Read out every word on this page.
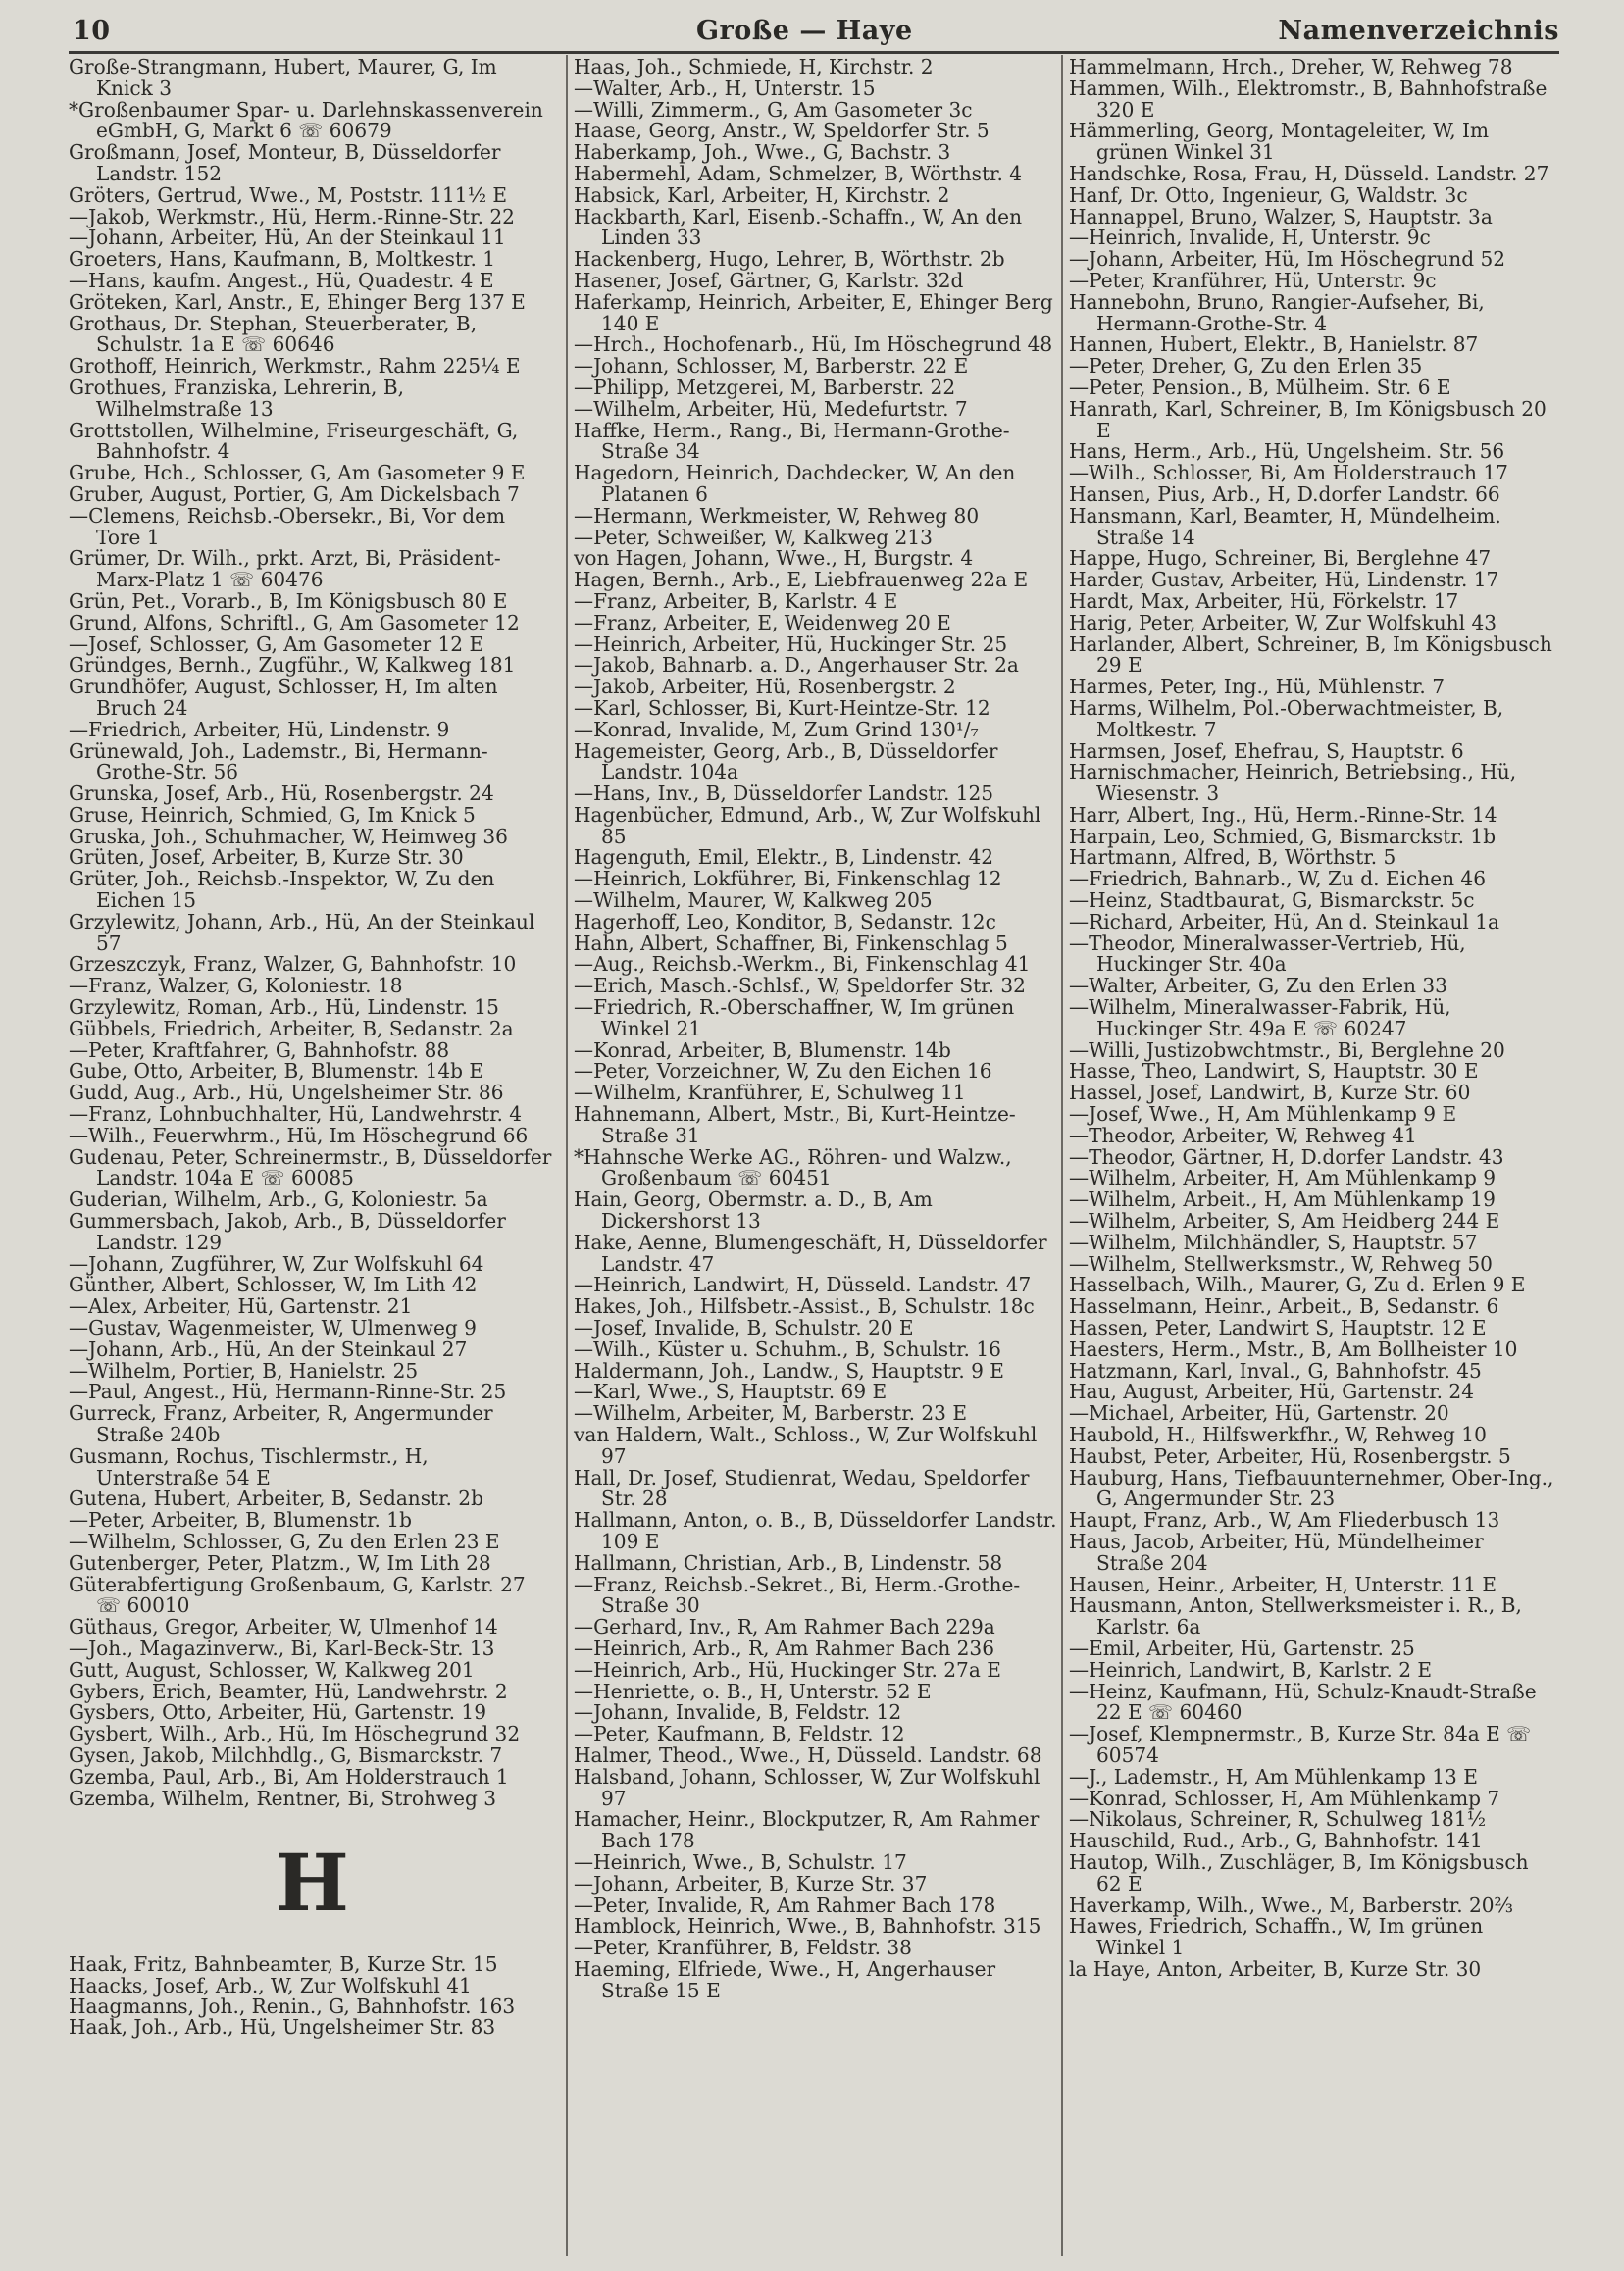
10	Große — Haye	Namenverzeichnis

Große-Strangmann, Hubert, Maurer, G, Im Knick 3

*Großenbaumer Spar- u. Darlehnskassenverein eGmbH, G, Markt 6 ☏ 60679

Großmann, Josef, Monteur, B, Düsseldorfer Landstr. 152

Gröters, Gertrud, Wwe., M, Poststr. 111½ E

—Jakob, Werkmstr., Hü, Herm.-Rinne-Str. 22

—Johann, Arbeiter, Hü, An der Steinkaul 11

Groeters, Hans, Kaufmann, B, Moltkestr. 1

—Hans, kaufm. Angest., Hü, Quadestr. 4 E

Gröteken, Karl, Anstr., E, Ehinger Berg 137 E

Grothaus, Dr. Stephan, Steuerberater, B, Schulstr. 1a E ☏ 60646

Grothoff, Heinrich, Werkmstr., Rahm 225¼ E

Grothues, Franziska, Lehrerin, B, Wilhelmstraße 13

Grottstollen, Wilhelmine, Friseurgeschäft, G, Bahnhofstr. 4

Grube, Hch., Schlosser, G, Am Gasometer 9 E

Gruber, August, Portier, G, Am Dickelsbach 7

—Clemens, Reichsb.-Obersekr., Bi, Vor dem Tore 1

Grümer, Dr. Wilh., prkt. Arzt, Bi, Präsident-Marx-Platz 1 ☏ 60476

Grün, Pet., Vorarb., B, Im Königsbusch 80 E

Grund, Alfons, Schriftl., G, Am Gasometer 12

—Josef, Schlosser, G, Am Gasometer 12 E

Gründges, Bernh., Zugführ., W, Kalkweg 181

Grundhöfer, August, Schlosser, H, Im alten Bruch 24

—Friedrich, Arbeiter, Hü, Lindenstr. 9

Grünewald, Joh., Lademstr., Bi, Hermann-Grothe-Str. 56

Grunska, Josef, Arb., Hü, Rosenbergstr. 24

Gruse, Heinrich, Schmied, G, Im Knick 5

Gruska, Joh., Schuhmacher, W, Heimweg 36

Grüten, Josef, Arbeiter, B, Kurze Str. 30

Grüter, Joh., Reichsb.-Inspektor, W, Zu den Eichen 15

Grzylewitz, Johann, Arb., Hü, An der Steinkaul 57

Grzeszczyk, Franz, Walzer, G, Bahnhofstr. 10

—Franz, Walzer, G, Koloniestr. 18

Grzylewitz, Roman, Arb., Hü, Lindenstr. 15

Gübbels, Friedrich, Arbeiter, B, Sedanstr. 2a

—Peter, Kraftfahrer, G, Bahnhofstr. 88

Gube, Otto, Arbeiter, B, Blumenstr. 14b E

Gudd, Aug., Arb., Hü, Ungelsheimer Str. 86

—Franz, Lohnbuchhalter, Hü, Landwehrstr. 4

—Wilh., Feuerwhrm., Hü, Im Höschegrund 66

Gudenau, Peter, Schreinermstr., B, Düsseldorfer Landstr. 104a E ☏ 60085

Guderian, Wilhelm, Arb., G, Koloniestr. 5a

Gummersbach, Jakob, Arb., B, Düsseldorfer Landstr. 129

—Johann, Zugführer, W, Zur Wolfskuhl 64

Günther, Albert, Schlosser, W, Im Lith 42

—Alex, Arbeiter, Hü, Gartenstr. 21

—Gustav, Wagenmeister, W, Ulmenweg 9

—Johann, Arb., Hü, An der Steinkaul 27

—Wilhelm, Portier, B, Hanielstr. 25

—Paul, Angest., Hü, Hermann-Rinne-Str. 25

Gurreck, Franz, Arbeiter, R, Angermunder Straße 240b

Gusmann, Rochus, Tischlermstr., H, Unterstraße 54 E

Gutena, Hubert, Arbeiter, B, Sedanstr. 2b

—Peter, Arbeiter, B, Blumenstr. 1b

—Wilhelm, Schlosser, G, Zu den Erlen 23 E

Gutenberger, Peter, Platzm., W, Im Lith 28

Güterabfertigung Großenbaum, G, Karlstr. 27 ☏ 60010

Güthaus, Gregor, Arbeiter, W, Ulmenhof 14

—Joh., Magazinverw., Bi, Karl-Beck-Str. 13

Gutt, August, Schlosser, W, Kalkweg 201

Gybers, Erich, Beamter, Hü, Landwehrstr. 2

Gysbers, Otto, Arbeiter, Hü, Gartenstr. 19

Gysbert, Wilh., Arb., Hü, Im Höschegrund 32

Gysen, Jakob, Milchhdlg., G, Bismarckstr. 7

Gzemba, Paul, Arb., Bi, Am Holderstrauch 1

Gzemba, Wilhelm, Rentner, Bi, Strohweg 3

H

Haak, Fritz, Bahnbeamter, B, Kurze Str. 15

Haacks, Josef, Arb., W, Zur Wolfskuhl 41

Haagmanns, Joh., Renin., G, Bahnhofstr. 163

Haak, Joh., Arb., Hü, Ungelsheimer Str. 83

Haas, Joh., Schmiede, H, Kirchstr. 2

—Walter, Arb., H, Unterstr. 15

—Willi, Zimmerm., G, Am Gasometer 3c

Haase, Georg, Anstr., W, Speldorfer Str. 5

Haberkamp, Joh., Wwe., G, Bachstr. 3

Habermehl, Adam, Schmelzer, B, Wörthstr. 4

Habsick, Karl, Arbeiter, H, Kirchstr. 2

Hackbarth, Karl, Eisenb.-Schaffn., W, An den Linden 33

Hackenberg, Hugo, Lehrer, B, Wörthstr. 2b

Hasener, Josef, Gärtner, G, Karlstr. 32d

Haferkamp, Heinrich, Arbeiter, E, Ehinger Berg 140 E

—Hrch., Hochofenarb., Hü, Im Höschegrund 48

—Johann, Schlosser, M, Barberstr. 22 E

—Philipp, Metzgerei, M, Barberstr. 22

—Wilhelm, Arbeiter, Hü, Medefurtstr. 7

Haffke, Herm., Rang., Bi, Hermann-Grothe-Straße 34

Hagedorn, Heinrich, Dachdecker, W, An den Platanen 6

—Hermann, Werkmeister, W, Rehweg 80

—Peter, Schweißer, W, Kalkweg 213

von Hagen, Johann, Wwe., H, Burgstr. 4

Hagen, Bernh., Arb., E, Liebfrauenweg 22a E

—Franz, Arbeiter, B, Karlstr. 4 E

—Franz, Arbeiter, E, Weidenweg 20 E

—Heinrich, Arbeiter, Hü, Huckinger Str. 25

—Jakob, Bahnarb. a. D., Angerhauser Str. 2a

—Jakob, Arbeiter, Hü, Rosenbergstr. 2

—Karl, Schlosser, Bi, Kurt-Heintze-Str. 12

—Konrad, Invalide, M, Zum Grind 130¹/₇

Hagemeister, Georg, Arb., B, Düsseldorfer Landstr. 104a

—Hans, Inv., B, Düsseldorfer Landstr. 125

Hagenbücher, Edmund, Arb., W, Zur Wolfskuhl 85

Hagenguth, Emil, Elektr., B, Lindenstr. 42

—Heinrich, Lokführer, Bi, Finkenschlag 12

—Wilhelm, Maurer, W, Kalkweg 205

Hagerhoff, Leo, Konditor, B, Sedanstr. 12c

Hahn, Albert, Schaffner, Bi, Finkenschlag 5

—Aug., Reichsb.-Werkm., Bi, Finkenschlag 41

—Erich, Masch.-Schlsf., W, Speldorfer Str. 32

—Friedrich, R.-Oberschaffner, W, Im grünen Winkel 21

—Konrad, Arbeiter, B, Blumenstr. 14b

—Peter, Vorzeichner, W, Zu den Eichen 16

—Wilhelm, Kranführer, E, Schulweg 11

Hahnemann, Albert, Mstr., Bi, Kurt-Heintze-Straße 31

*Hahnsche Werke AG., Röhren- und Walzw., Großenbaum ☏ 60451

Hain, Georg, Obermstr. a. D., B, Am Dickershorst 13

Hake, Aenne, Blumengeschäft, H, Düsseldorfer Landstr. 47

—Heinrich, Landwirt, H, Düsseld. Landstr. 47

Hakes, Joh., Hilfsbetr.-Assist., B, Schulstr. 18c

—Josef, Invalide, B, Schulstr. 20 E

—Wilh., Küster u. Schuhm., B, Schulstr. 16

Haldermann, Joh., Landw., S, Hauptstr. 9 E

—Karl, Wwe., S, Hauptstr. 69 E

—Wilhelm, Arbeiter, M, Barberstr. 23 E

van Haldern, Walt., Schloss., W, Zur Wolfskuhl 97

Hall, Dr. Josef, Studienrat, Wedau, Speldorfer Str. 28

Hallmann, Anton, o. B., B, Düsseldorfer Landstr. 109 E

Hallmann, Christian, Arb., B, Lindenstr. 58

—Franz, Reichsb.-Sekret., Bi, Herm.-Grothe-Straße 30

—Gerhard, Inv., R, Am Rahmer Bach 229a

—Heinrich, Arb., R, Am Rahmer Bach 236

—Heinrich, Arb., Hü, Huckinger Str. 27a E

—Henriette, o. B., H, Unterstr. 52 E

—Johann, Invalide, B, Feldstr. 12

—Peter, Kaufmann, B, Feldstr. 12

Halmer, Theod., Wwe., H, Düsseld. Landstr. 68

Halsband, Johann, Schlosser, W, Zur Wolfskuhl 97

Hamacher, Heinr., Blockputzer, R, Am Rahmer Bach 178

—Heinrich, Wwe., B, Schulstr. 17

—Johann, Arbeiter, B, Kurze Str. 37

—Peter, Invalide, R, Am Rahmer Bach 178

Hamblock, Heinrich, Wwe., B, Bahnhofstr. 315

—Peter, Kranführer, B, Feldstr. 38

Haeming, Elfriede, Wwe., H, Angerhauser Straße 15 E

Hammelmann, Hrch., Dreher, W, Rehweg 78

Hammen, Wilh., Elektromstr., B, Bahnhofstraße 320 E

Hämmerling, Georg, Montageleiter, W, Im grünen Winkel 31

Handschke, Rosa, Frau, H, Düsseld. Landstr. 27

Hanf, Dr. Otto, Ingenieur, G, Waldstr. 3c

Hannappel, Bruno, Walzer, S, Hauptstr. 3a

—Heinrich, Invalide, H, Unterstr. 9c

—Johann, Arbeiter, Hü, Im Höschegrund 52

—Peter, Kranführer, Hü, Unterstr. 9c

Hannebohn, Bruno, Rangier-Aufseher, Bi, Hermann-Grothe-Str. 4

Hannen, Hubert, Elektr., B, Hanielstr. 87

—Peter, Dreher, G, Zu den Erlen 35

—Peter, Pension., B, Mülheim. Str. 6 E

Hanrath, Karl, Schreiner, B, Im Königsbusch 20 E

Hans, Herm., Arb., Hü, Ungelsheim. Str. 56

—Wilh., Schlosser, Bi, Am Holderstrauch 17

Hansen, Pius, Arb., H, D.dorfer Landstr. 66

Hansmann, Karl, Beamter, H, Mündelheim. Straße 14

Happe, Hugo, Schreiner, Bi, Berglehne 47

Harder, Gustav, Arbeiter, Hü, Lindenstr. 17

Hardt, Max, Arbeiter, Hü, Förkelstr. 17

Harig, Peter, Arbeiter, W, Zur Wolfskuhl 43

Harlander, Albert, Schreiner, B, Im Königsbusch 29 E

Harmes, Peter, Ing., Hü, Mühlenstr. 7

Harms, Wilhelm, Pol.-Oberwachtmeister, B, Moltkestr. 7

Harmsen, Josef, Ehefrau, S, Hauptstr. 6

Harnischmacher, Heinrich, Betriebsing., Hü, Wiesenstr. 3

Harr, Albert, Ing., Hü, Herm.-Rinne-Str. 14

Harpain, Leo, Schmied, G, Bismarckstr. 1b

Hartmann, Alfred, B, Wörthstr. 5

—Friedrich, Bahnarb., W, Zu d. Eichen 46

—Heinz, Stadtbaurat, G, Bismarckstr. 5c

—Richard, Arbeiter, Hü, An d. Steinkaul 1a

—Theodor, Mineralwasser-Vertrieb, Hü, Huckinger Str. 40a

—Walter, Arbeiter, G, Zu den Erlen 33

—Wilhelm, Mineralwasser-Fabrik, Hü, Huckinger Str. 49a E ☏ 60247

—Willi, Justizobwchtmstr., Bi, Berglehne 20

Hasse, Theo, Landwirt, S, Hauptstr. 30 E

Hassel, Josef, Landwirt, B, Kurze Str. 60

—Josef, Wwe., H, Am Mühlenkamp 9 E

—Theodor, Arbeiter, W, Rehweg 41

—Theodor, Gärtner, H, D.dorfer Landstr. 43

—Wilhelm, Arbeiter, H, Am Mühlenkamp 9

—Wilhelm, Arbeit., H, Am Mühlenkamp 19

—Wilhelm, Arbeiter, S, Am Heidberg 244 E

—Wilhelm, Milchhändler, S, Hauptstr. 57

—Wilhelm, Stellwerksmstr., W, Rehweg 50

Hasselbach, Wilh., Maurer, G, Zu d. Erlen 9 E

Hasselmann, Heinr., Arbeit., B, Sedanstr. 6

Hassen, Peter, Landwirt S, Hauptstr. 12 E

Haesters, Herm., Mstr., B, Am Bollheister 10

Hatzmann, Karl, Inval., G, Bahnhofstr. 45

Hau, August, Arbeiter, Hü, Gartenstr. 24

—Michael, Arbeiter, Hü, Gartenstr. 20

Haubold, H., Hilfswerkfhr., W, Rehweg 10

Haubst, Peter, Arbeiter, Hü, Rosenbergstr. 5

Hauburg, Hans, Tiefbauunternehmer, Ober-Ing., G, Angermunder Str. 23

Haupt, Franz, Arb., W, Am Fliederbusch 13

Haus, Jacob, Arbeiter, Hü, Mündelheimer Straße 204

Hausen, Heinr., Arbeiter, H, Unterstr. 11 E

Hausmann, Anton, Stellwerksmeister i. R., B, Karlstr. 6a

—Emil, Arbeiter, Hü, Gartenstr. 25

—Heinrich, Landwirt, B, Karlstr. 2 E

—Heinz, Kaufmann, Hü, Schulz-Knaudt-Straße 22 E ☏ 60460

—Josef, Klempnermstr., B, Kurze Str. 84a E ☏ 60574

—J., Lademstr., H, Am Mühlenkamp 13 E

—Konrad, Schlosser, H, Am Mühlenkamp 7

—Nikolaus, Schreiner, R, Schulweg 181½

Hauschild, Rud., Arb., G, Bahnhofstr. 141

Hautop, Wilh., Zuschläger, B, Im Königsbusch 62 E

Haverkamp, Wilh., Wwe., M, Barberstr. 20⅔

Hawes, Friedrich, Schaffn., W, Im grünen Winkel 1

la Haye, Anton, Arbeiter, B, Kurze Str. 30
